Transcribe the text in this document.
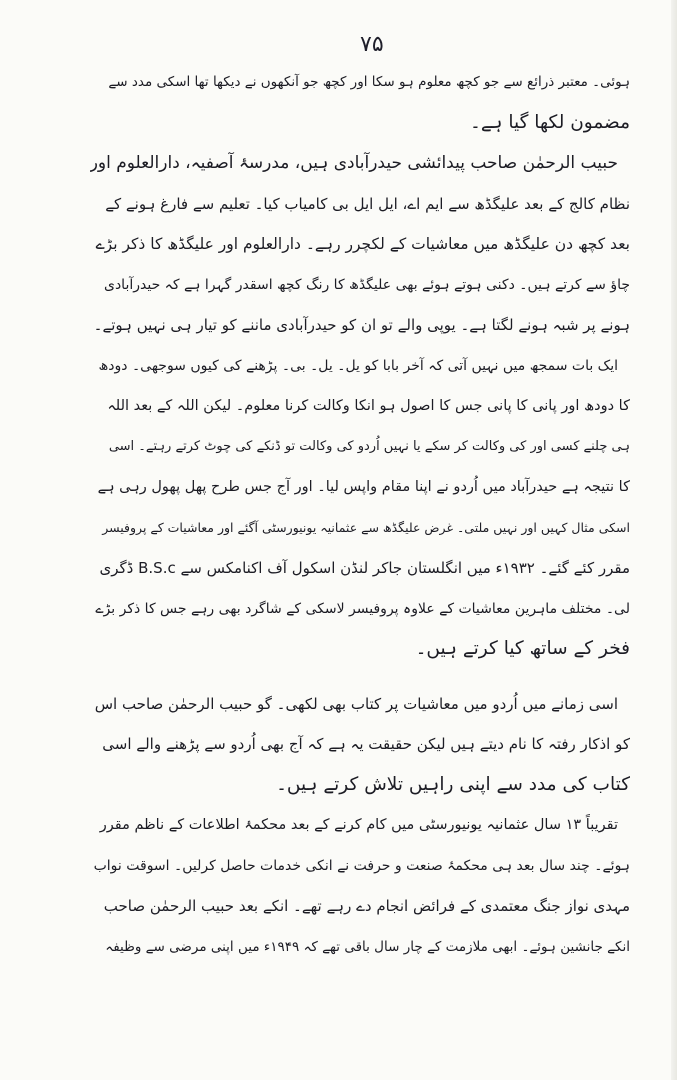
۷۵
ہوئی۔ معتبر ذرائع سے جو کچھ معلوم ہو سکا اور کچھ جو آنکھوں نے دیکھا تھا اسکی مدد سے
مضمون لکھا گیا ہے۔
حبیب الرحمٰن صاحب پیدائشی حیدرآبادی ہیں، مدرسۂ آصفیہ، دارالعلوم اور
نظام کالج کے بعد علیگڈھ سے ایم اے، ایل ایل بی کامیاب کیا۔ تعلیم سے فارغ ہونے کے
بعد کچھ دن علیگڈھ میں معاشیات کے لکچرر رہے۔ دارالعلوم اور علیگڈھ کا ذکر بڑے
چاؤ سے کرتے ہیں۔ دکنی ہوتے ہوئے بھی علیگڈھ کا رنگ کچھ اسقدر گہرا ہے کہ حیدرآبادی
ہونے پر شبہ ہونے لگتا ہے۔ یوپی والے تو ان کو حیدرآبادی ماننے کو تیار ہی نہیں ہوتے۔
ایک بات سمجھ میں نہیں آتی کہ آخر بابا کو یل۔ یل۔ بی۔ پڑھنے کی کیوں سوجھی۔ دودھ
کا دودھ اور پانی کا پانی جس کا اصول ہو انکا وکالت کرنا معلوم۔ لیکن اللہ کے بعد اللہ
ہی چلنے کسی اور کی وکالت کر سکے یا نہیں اُردو کی وکالت تو ڈنکے کی چوٹ کرتے رہتے۔ اسی
کا نتیجہ ہے حیدرآباد میں اُردو نے اپنا مقام واپس لیا۔ اور آج جس طرح پھل پھول رہی ہے
اسکی مثال کہیں اور نہیں ملتی۔ غرض علیگڈھ سے عثمانیہ یونیورسٹی آگئے اور معاشیات کے پروفیسر
مقرر کئے گئے۔ ۱۹۳۲ء میں انگلستان جاکر لنڈن اسکول آف اکنامکس سے B.S.c ڈگری
لی۔ مختلف ماہرین معاشیات کے علاوہ پروفیسر لاسکی کے شاگرد بھی رہے جس کا ذکر بڑے
فخر کے ساتھ کیا کرتے ہیں۔
اسی زمانے میں اُردو میں معاشیات پر کتاب بھی لکھی۔ گو حبیب الرحمٰن صاحب اس
کو اذکار رفتہ کا نام دیتے ہیں لیکن حقیقت یہ ہے کہ آج بھی اُردو سے پڑھنے والے اسی
کتاب کی مدد سے اپنی راہیں تلاش کرتے ہیں۔
تقریباً ۱۳ سال عثمانیہ یونیورسٹی میں کام کرنے کے بعد محکمۂ اطلاعات کے ناظم مقرر
ہوئے۔ چند سال بعد ہی محکمۂ صنعت و حرفت نے انکی خدمات حاصل کرلیں۔ اسوقت نواب
مہدی نواز جنگ معتمدی کے فرائض انجام دے رہے تھے۔ انکے بعد حبیب الرحمٰن صاحب
انکے جانشین ہوئے۔ ابھی ملازمت کے چار سال باقی تھے کہ ۱۹۴۹ء میں اپنی مرضی سے وظیفہ
